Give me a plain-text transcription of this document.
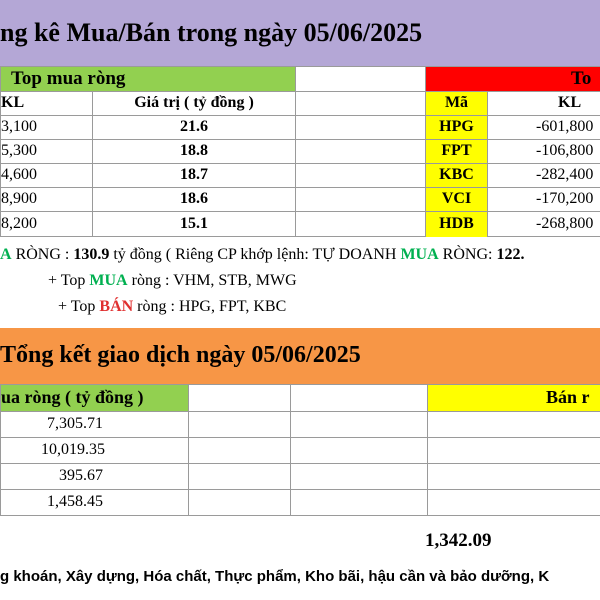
ng kê Mua/Bán trong ngày 05/06/2025
Top mua ròng	To
KL	Giá trị ( tỷ đồng )	Mã	KL
3,100	21.6	HPG	-601,800
5,300	18.8	FPT	-106,800
4,600	18.7	KBC	-282,400
8,900	18.6	VCI	-170,200
8,200	15.1	HDB	-268,800
A RÒNG : 130.9 tỷ đồng ( Riêng CP khớp lệnh: TỰ DOANH MUA RÒNG: 122.
+ Top MUA ròng : VHM, STB, MWG
+ Top BÁN ròng : HPG, FPT, KBC
Tổng kết giao dịch ngày 05/06/2025
ua ròng ( tỷ đồng )	Bán r
7,305.71
10,019.35
395.67
1,458.45
1,342.09
g khoán, Xây dựng, Hóa chất, Thực phẩm, Kho bãi, hậu cần và bảo dưỡng, K
